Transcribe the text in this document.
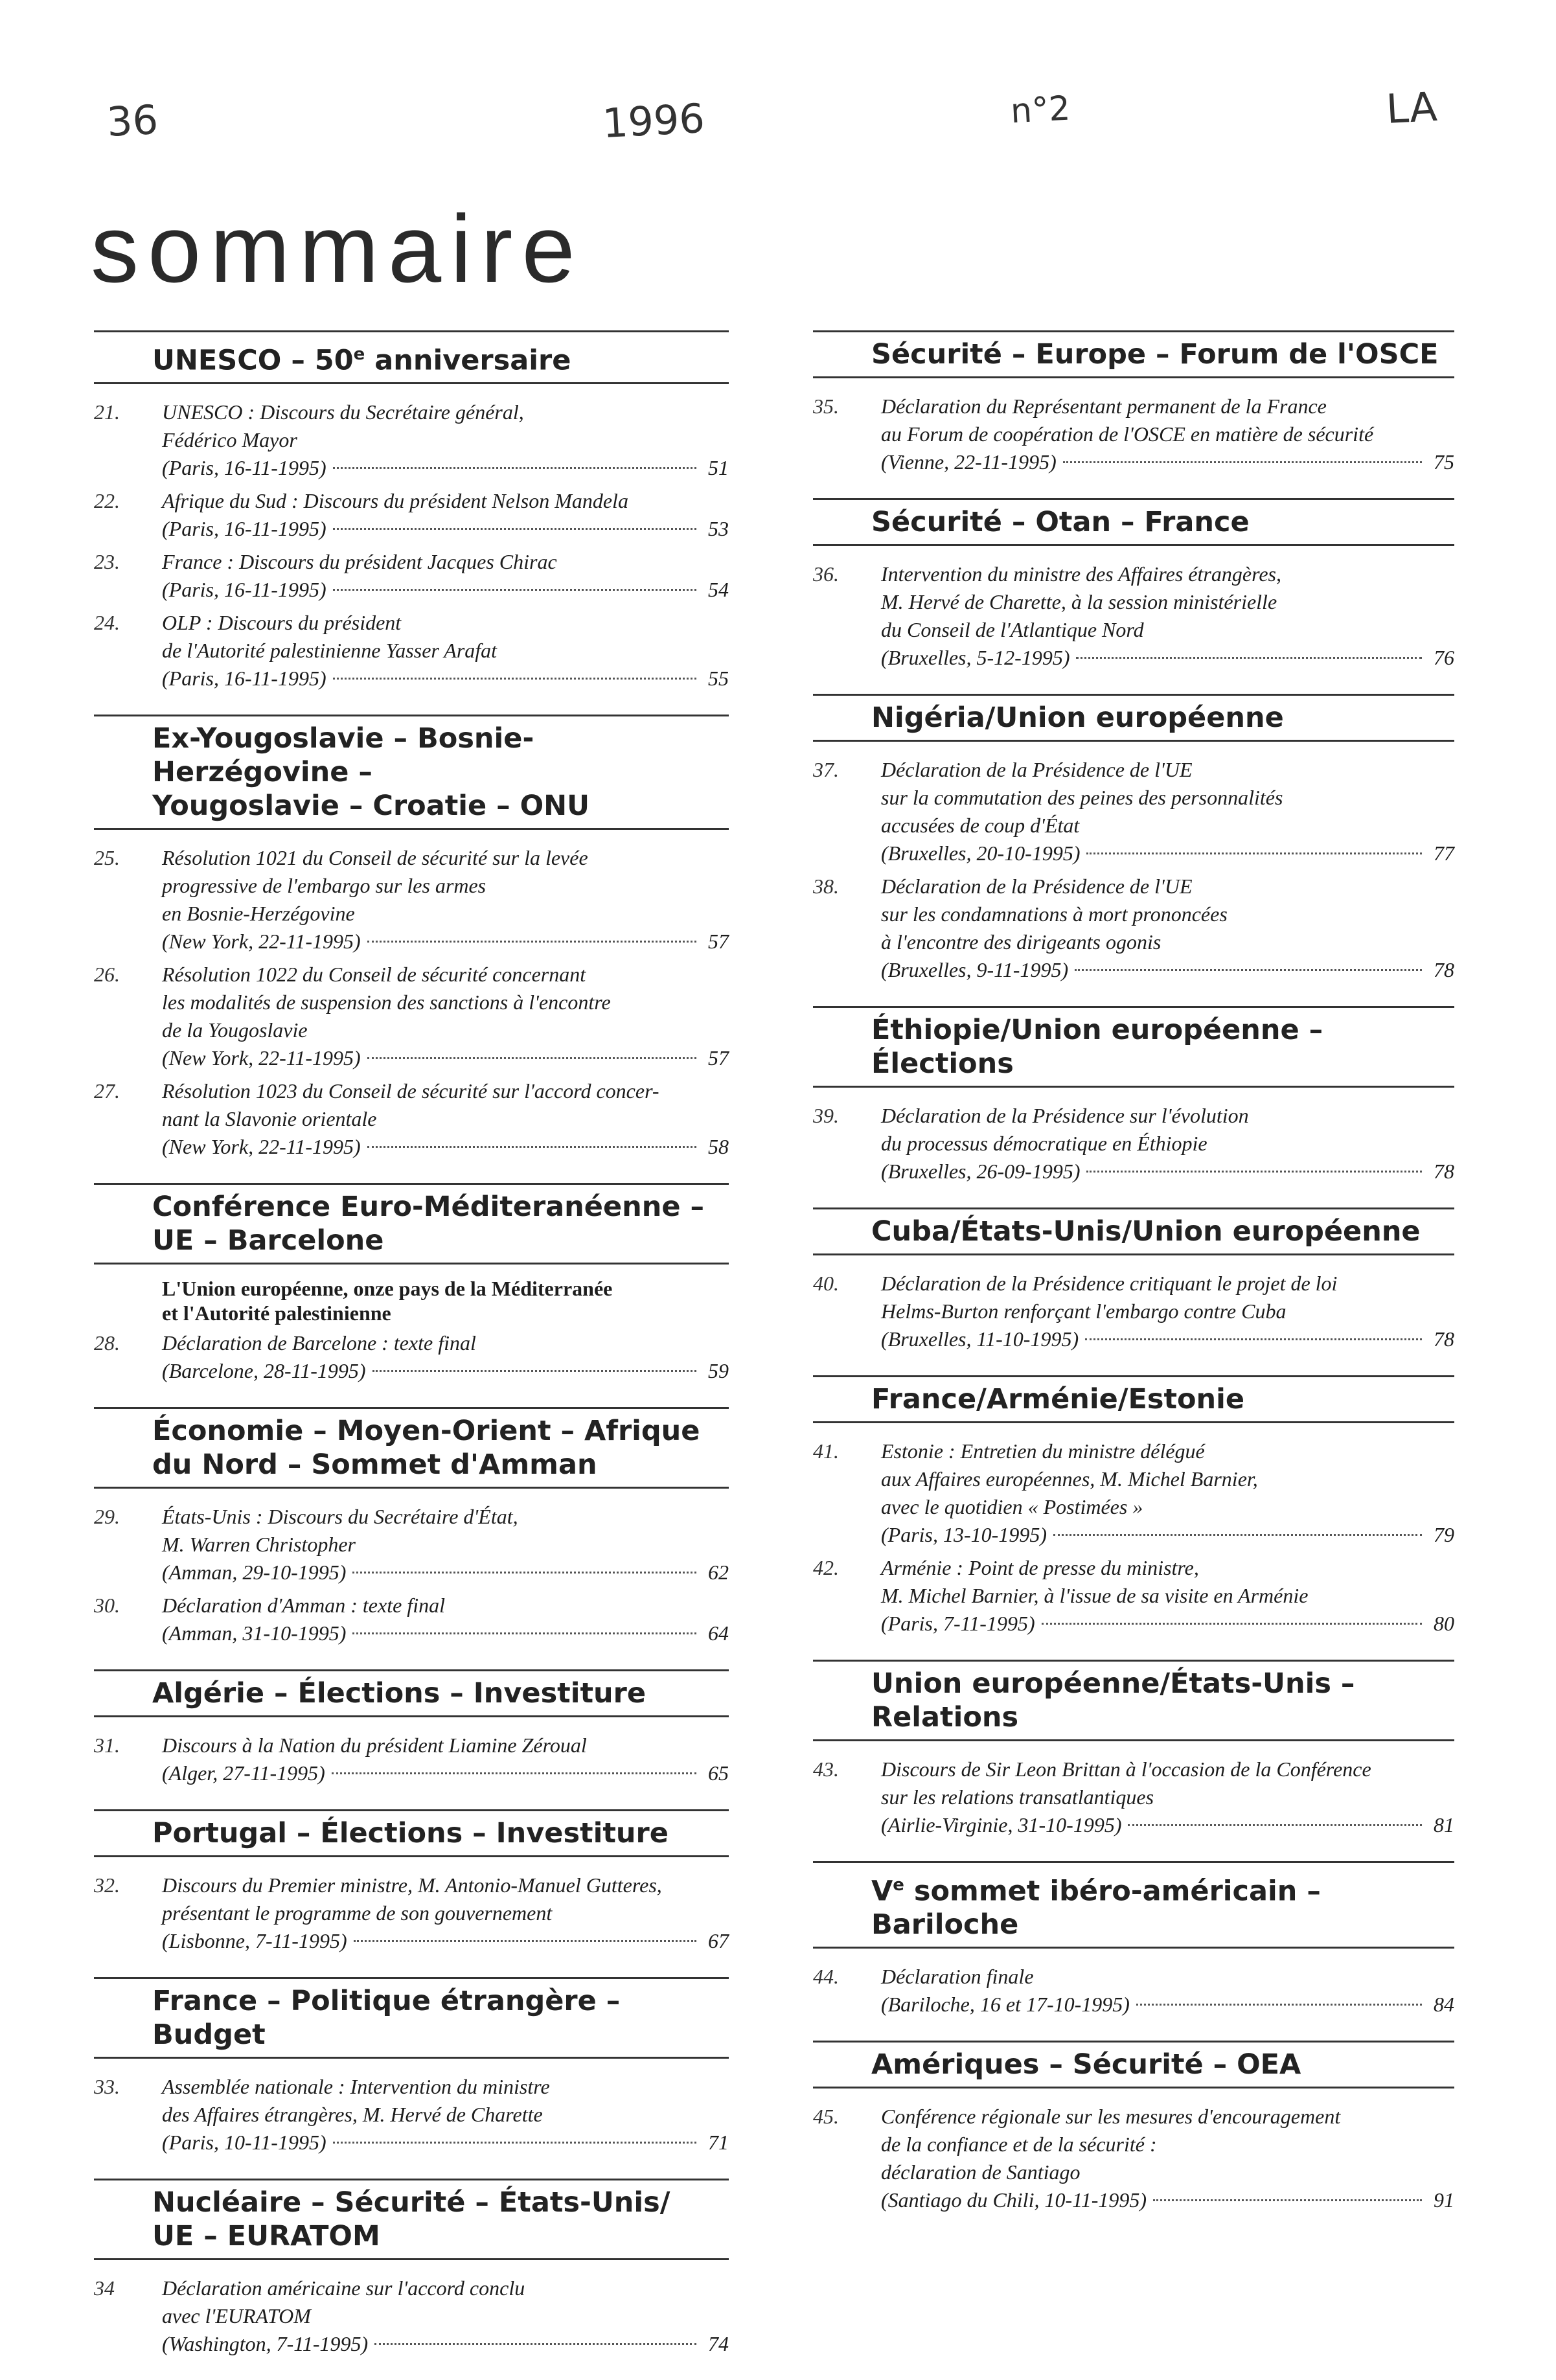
36	1996	n°2	LA
sommaire
UNESCO – 50e anniversaire
21.	UNESCO : Discours du Secrétaire général,
Fédérico Mayor
(Paris, 16-11-1995)	51
22.	Afrique du Sud : Discours du président Nelson Mandela
(Paris, 16-11-1995)	53
23.	France : Discours du président Jacques Chirac
(Paris, 16-11-1995)	54
24.	OLP : Discours du président
de l'Autorité palestinienne Yasser Arafat
(Paris, 16-11-1995)	55
Ex-Yougoslavie – Bosnie-Herzégovine –
Yougoslavie – Croatie – ONU
25.	Résolution 1021 du Conseil de sécurité sur la levée
progressive de l'embargo sur les armes
en Bosnie-Herzégovine
(New York, 22-11-1995)	57
26.	Résolution 1022 du Conseil de sécurité concernant
les modalités de suspension des sanctions à l'encontre
de la Yougoslavie
(New York, 22-11-1995)	57
27.	Résolution 1023 du Conseil de sécurité sur l'accord concer-
nant la Slavonie orientale
(New York, 22-11-1995)	58
Conférence Euro-Méditeranéenne –
UE – Barcelone
L'Union européenne, onze pays de la Méditerranée
et l'Autorité palestinienne
28.	Déclaration de Barcelone : texte final
(Barcelone, 28-11-1995)	59
Économie – Moyen-Orient – Afrique
du Nord – Sommet d'Amman
29.	États-Unis : Discours du Secrétaire d'État,
M. Warren Christopher
(Amman, 29-10-1995)	62
30.	Déclaration d'Amman : texte final
(Amman, 31-10-1995)	64
Algérie – Élections – Investiture
31.	Discours à la Nation du président Liamine Zéroual
(Alger, 27-11-1995)	65
Portugal – Élections – Investiture
32.	Discours du Premier ministre, M. Antonio-Manuel Gutteres,
présentant le programme de son gouvernement
(Lisbonne, 7-11-1995)	67
France – Politique étrangère –
Budget
33.	Assemblée nationale : Intervention du ministre
des Affaires étrangères, M. Hervé de Charette
(Paris, 10-11-1995)	71
Nucléaire – Sécurité – États-Unis/
UE – EURATOM
34	Déclaration américaine sur l'accord conclu
avec l'EURATOM
(Washington, 7-11-1995)	74
Sécurité – Europe – Forum de l'OSCE
35.	Déclaration du Représentant permanent de la France
au Forum de coopération de l'OSCE en matière de sécurité
(Vienne, 22-11-1995)	75
Sécurité – Otan – France
36.	Intervention du ministre des Affaires étrangères,
M. Hervé de Charette, à la session ministérielle
du Conseil de l'Atlantique Nord
(Bruxelles, 5-12-1995)	76
Nigéria/Union européenne
37.	Déclaration de la Présidence de l'UE
sur la commutation des peines des personnalités
accusées de coup d'État
(Bruxelles, 20-10-1995)	77
38.	Déclaration de la Présidence de l'UE
sur les condamnations à mort prononcées
à l'encontre des dirigeants ogonis
(Bruxelles, 9-11-1995)	78
Éthiopie/Union européenne –
Élections
39.	Déclaration de la Présidence sur l'évolution
du processus démocratique en Éthiopie
(Bruxelles, 26-09-1995)	78
Cuba/États-Unis/Union européenne
40.	Déclaration de la Présidence critiquant le projet de loi
Helms-Burton renforçant l'embargo contre Cuba
(Bruxelles, 11-10-1995)	78
France/Arménie/Estonie
41.	Estonie : Entretien du ministre délégué
aux Affaires européennes, M. Michel Barnier,
avec le quotidien « Postimées »
(Paris, 13-10-1995)	79
42.	Arménie : Point de presse du ministre,
M. Michel Barnier, à l'issue de sa visite en Arménie
(Paris, 7-11-1995)	80
Union européenne/États-Unis –
Relations
43.	Discours de Sir Leon Brittan à l'occasion de la Conférence
sur les relations transatlantiques
(Airlie-Virginie, 31-10-1995)	81
Ve sommet ibéro-américain –
Bariloche
44.	Déclaration finale
(Bariloche, 16 et 17-10-1995)	84
Amériques – Sécurité – OEA
45.	Conférence régionale sur les mesures d'encouragement
de la confiance et de la sécurité :
déclaration de Santiago
(Santiago du Chili, 10-11-1995)	91
